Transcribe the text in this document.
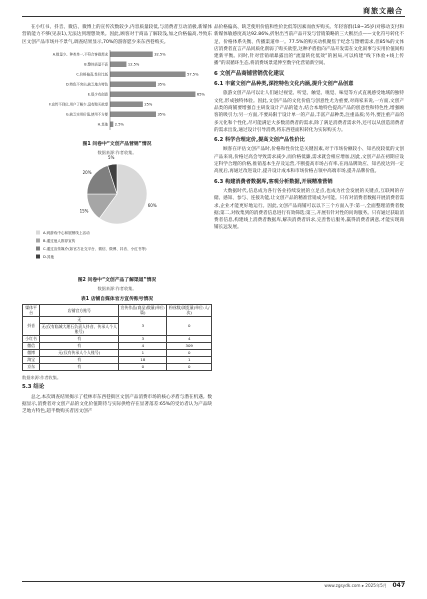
商旅文融合

在小红书、抖音、微信、微博上的宣传次数较少,内容质量较低,与消费者互动消极,新媒体营销能力不够(见表1),无法达到理想效果。因此,顾客对于商品了解较浅,加之价格偏高,导致东区文创产品市场并不景气,调查结果显示,70%的游客愿少来东西巷购买。

A.数量少、种类单一,不符合客群需求	32.5%
B.整体质量不高	12.5%
C.价格偏高,性价比低	57.5%
D.特色不突出,缺乏地方特色	35%
E.很少有创意	65%
F.宣传不到位,用户了解少,没有购买欲望	25%
G.缺乏实用价值,使用不方便	35%
H.其他 2.5%
图1 问卷中“文创产品营销”情况
数据来源:作者收集。
60%
15%
20%
5%
A.到游戏中心和展销线上活动
B.通过他人推荐宣传
C.通过宣传媒介(如官方社交平台、微信、微博、抖音、小红书等)
D.其他
图2 问卷中“文创产品了解渠道”情况
数据来源:作者收集。
表1 店铺自媒体官方宣传账号情况
媒体平台	店铺官方账号	宣传作品(商品)数量(单位:篇)	粉丝数/浏览量(单位:人/次)
抖音	无	3	0
	无(仅有临城大理石负责人抖音、传承人个人账号)		
小红书	有	3	4
微信	有	4	309
微博	无(仅有传承人个人账号)	1	0
淘宝	有	18	1
京东	有	0	0
数据来源:作者收集。
5.3 结论

总之,本次调查结果揭示了桂林市东西巷街区文创产品消费市场的核心矛盾与潜在机遇。数据显示,消费者对文创产品的文化价值期待与实际供给存在显著落差:65%的受访者认为产品缺乏地方特色,超半数购买者因文创产

品价格偏高、缺乏使用价值和性价比低等因素而放弃购买。年轻客群(18~35岁)对移动支付和新媒体敏感度高达92.86%,折射出当前产品开发与营销策略的三大断层点——文化符号转化不足、价格体系失衡、传播渠道单一。77.5%的购买动机聚焦于纪念与馈赠需求,但85%的文体店消费者直言产品同质化削弱了购买欲望,这种矛盾指向产品开发需在文化叙事与实用价值间构建新平衡。同时,针对营销端暴露出的“流量转化低效”的困局,可以构建“线下体验+线上传播”的双循环生态,将消费场景延伸至数字化营销新空间。

6 文创产品商铺营销优化建议
6.1 丰富文创产品种类,深挖特色文化内涵,提升文创产品创意

旅游文创产品可以让人们通过视觉、听觉、触觉、嗅觉、味觉等方式直观感受地域的独特文化,形成独特体验。因此,文创产品的文化价值与创意性尤为重要,对商家来说,一方面,文创产品类的商铺要增强自主研发设计产品的能力,结合本地特色提高产品的创意性和特色性,增强顾客的吸引力;另一方面,不要局限于设计单一的产品,丰富产品种类,注重品质;另外,要注重产品的多元化和个性化,尽可能满足大多数消费者的需求,除了满足消费者需求外,还可以从创造消费者的需求出发,通过设计引导消费,将东西巷面积转化为实际购买力。

6.2 科学合理定价,提高文创产品性价比

顾客在评估文创产品时,价格和性价比是关键因素,对于市场份额较小、知名度较低的文创产品来说,价格过高会导致需求减少,而价格低廉,需求就会相应增加,因此,文创产品在初期应设定科学合理的价格,推销基本生存及运营,不断提高市场占有率,在再品牌效应、知名度达到一定高度后,再通过改进设计,提升设计成本和市场价格占领中高端市场,提升品牌价值。

6.3 构建消费者数据库,客观分析数据,开展精准营销

大数据时代,信息成为各行各业持续发展的立足点,也成为社会发展的关键点,互联网的存储、感知、参与、连接功能,让文创产品的精准营销成为可能。只有对消费者数据开展消费者需求,企业才能更好地运行。因此,文创产品商铺可以以下三个方面入手:第一,全面整理消费者数据;第二,对收集到的消费者信息进行有效筛选;第三,开展有针对性的问询服务。只有通过获取消费者信息,构建线上消费者数据库,解决消费者诉求,完善售后服务,赢得消费者满意,才能实现商铺长远发展。

www.zgsydk.com ▸ 2025年5月 047
